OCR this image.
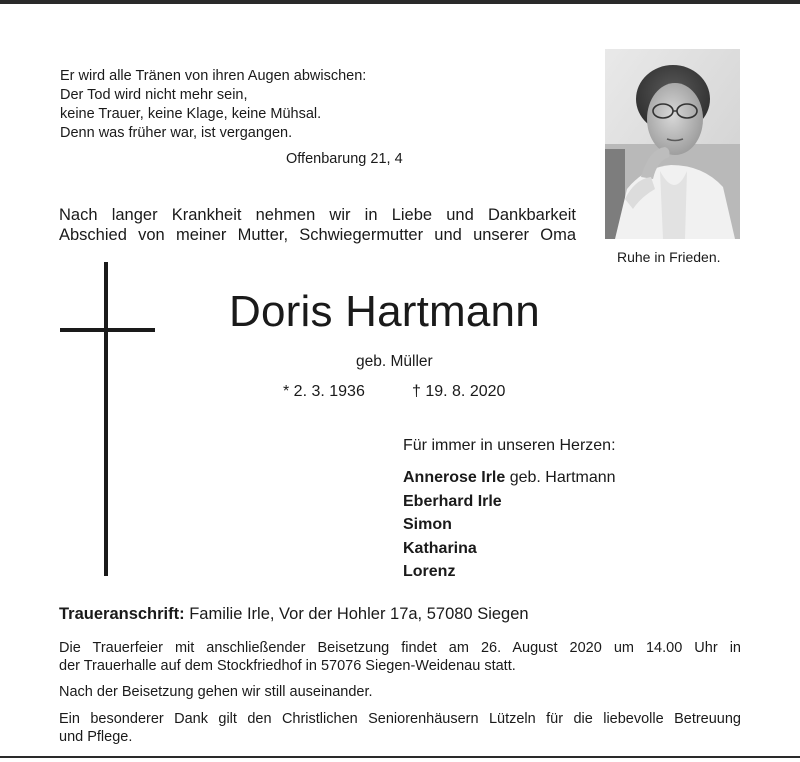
Er wird alle Tränen von ihren Augen abwischen:
Der Tod wird nicht mehr sein,
keine Trauer, keine Klage, keine Mühsal.
Denn was früher war, ist vergangen.
Offenbarung 21, 4
Nach langer Krankheit nehmen wir in Liebe und Dankbarkeit
Abschied von meiner Mutter, Schwiegermutter und unserer Oma
Ruhe in Frieden.
Doris Hartmann
geb. Müller
* 2. 3. 1936	† 19. 8. 2020
Für immer in unseren Herzen:
Annerose Irle geb. Hartmann
Eberhard Irle
Simon
Katharina
Lorenz
Traueranschrift: Familie Irle, Vor der Hohler 17a, 57080 Siegen
Die Trauerfeier mit anschließender Beisetzung findet am 26. August 2020 um 14.00 Uhr in
der Trauerhalle auf dem Stockfriedhof in 57076 Siegen-Weidenau statt.
Nach der Beisetzung gehen wir still auseinander.
Ein besonderer Dank gilt den Christlichen Seniorenhäusern Lützeln für die liebevolle Betreuung
und Pflege.
